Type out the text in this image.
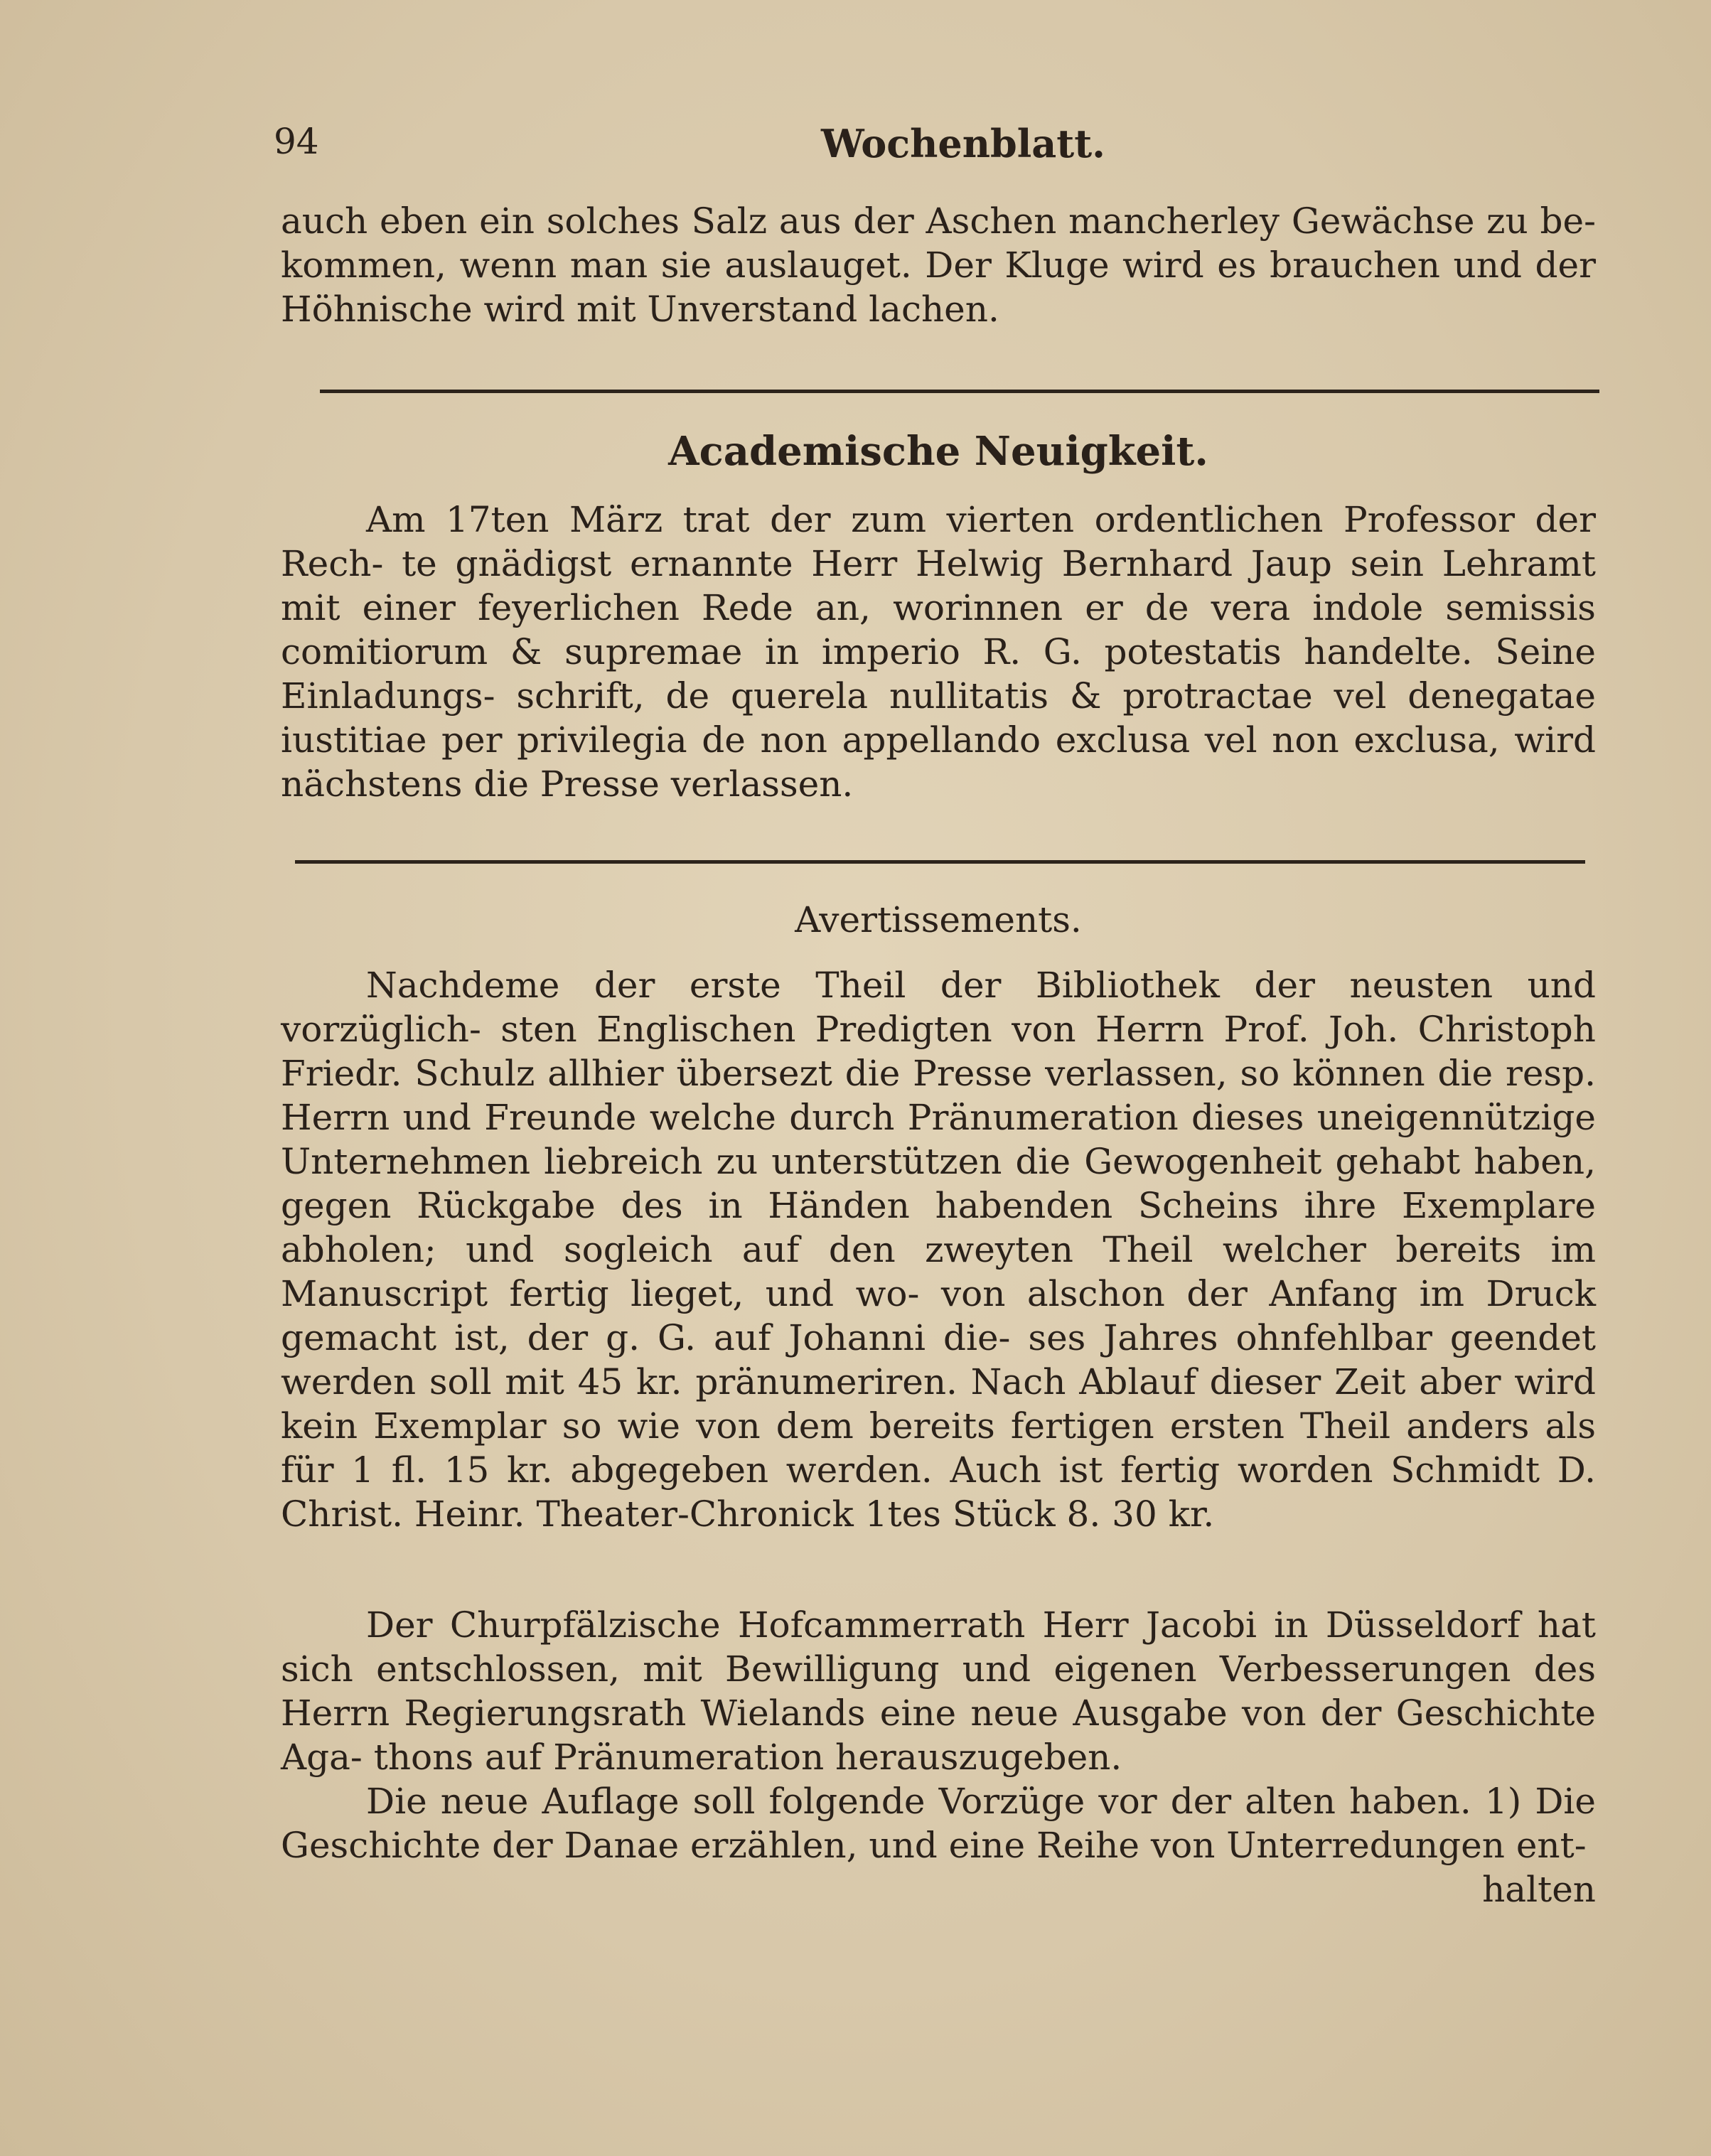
94	Wochenblatt.
auch eben ein solches Salz aus der Aschen mancherley Gewächse zu be- kommen, wenn man sie auslauget. Der Kluge wird es brauchen und der Höhnische wird mit Unverstand lachen.
Academische Neuigkeit.
Am 17ten März trat der zum vierten ordentlichen Professor der Rech- te gnädigst ernannte Herr Helwig Bernhard Jaup sein Lehramt mit einer feyerlichen Rede an, worinnen er de vera indole semissis comitiorum & supremae in imperio R. G. potestatis handelte. Seine Einladungs- schrift, de querela nullitatis & protractae vel denegatae iustitiae per privilegia de non appellando exclusa vel non exclusa, wird nächstens die Presse verlassen.
Avertissements.
Nachdeme der erste Theil der Bibliothek der neusten und vorzüglich- sten Englischen Predigten von Herrn Prof. Joh. Christoph Friedr. Schulz allhier übersezt die Presse verlassen, so können die resp. Herrn und Freunde welche durch Pränumeration dieses uneigennützige Unternehmen liebreich zu unterstützen die Gewogenheit gehabt haben, gegen Rückgabe des in Händen habenden Scheins ihre Exemplare abholen; und sogleich auf den zweyten Theil welcher bereits im Manuscript fertig lieget, und wo- von alschon der Anfang im Druck gemacht ist, der g. G. auf Johanni die- ses Jahres ohnfehlbar geendet werden soll mit 45 kr. pränumeriren. Nach Ablauf dieser Zeit aber wird kein Exemplar so wie von dem bereits fertigen ersten Theil anders als für 1 fl. 15 kr. abgegeben werden. Auch ist fertig worden Schmidt D. Christ. Heinr. Theater-Chronick 1tes Stück 8. 30 kr.
Der Churpfälzische Hofcammerrath Herr Jacobi in Düsseldorf hat sich entschlossen, mit Bewilligung und eigenen Verbesserungen des Herrn Regierungsrath Wielands eine neue Ausgabe von der Geschichte Aga- thons auf Pränumeration herauszugeben.
Die neue Auflage soll folgende Vorzüge vor der alten haben. 1) Die Geschichte der Danae erzählen, und eine Reihe von Unterredungen ent-
halten
